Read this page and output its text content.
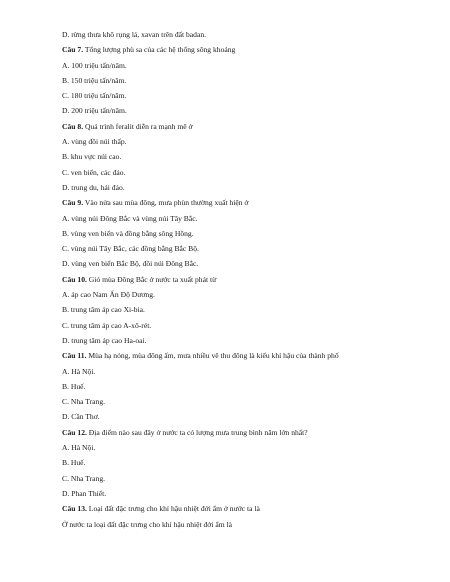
D. rừng thưa khô rụng lá, xavan trên đất badan.
Câu 7. Tổng lượng phù sa của các hệ thống sông khoảng
A. 100 triệu tấn/năm.
B. 150 triệu tấn/năm.
C. 180 triệu tấn/năm.
D. 200 triệu tấn/năm.
Câu 8. Quá trình feralit diễn ra mạnh mẽ ở
A. vùng đồi núi thấp.
B. khu vực núi cao.
C. ven biển, các đảo.
D. trung du, hải đảo.
Câu 9. Vào nửa sau mùa đông, mưa phùn thường xuất hiện ở
A. vùng núi Đông Bắc và vùng núi Tây Bắc.
B. vùng ven biển và đồng bằng sông Hồng.
C. vùng núi Tây Bắc, các đồng bằng Bắc Bộ.
D. vùng ven biển Bắc Bộ, đồi núi Đông Bắc.
Câu 10. Gió mùa Đông Bắc ở nước ta xuất phát từ
A. áp cao Nam Ấn Độ Dương.
B. trung tâm áp cao Xi-bia.
C. trung tâm áp cao A-xô-rét.
D. trung tâm áp cao Ha-oai.
Câu 11. Mùa hạ nóng, mùa đông ấm, mưa nhiều vê thu đông là kiểu khí hậu của thành phố
A. Hà Nội.
B. Huế.
C. Nha Trang.
D. Cần Thơ.
Câu 12. Địa điểm nào sau đây ở nước ta có lượng mưa trung bình năm lớn nhất?
A. Hà Nội.
B. Huế.
C. Nha Trang.
D. Phan Thiết.
Câu 13. Loại đất đặc trưng cho khí hậu nhiệt đới ẩm ở nước ta là
Ở nước ta loại đất đặc trưng cho khí hậu nhiệt đới ẩm là
